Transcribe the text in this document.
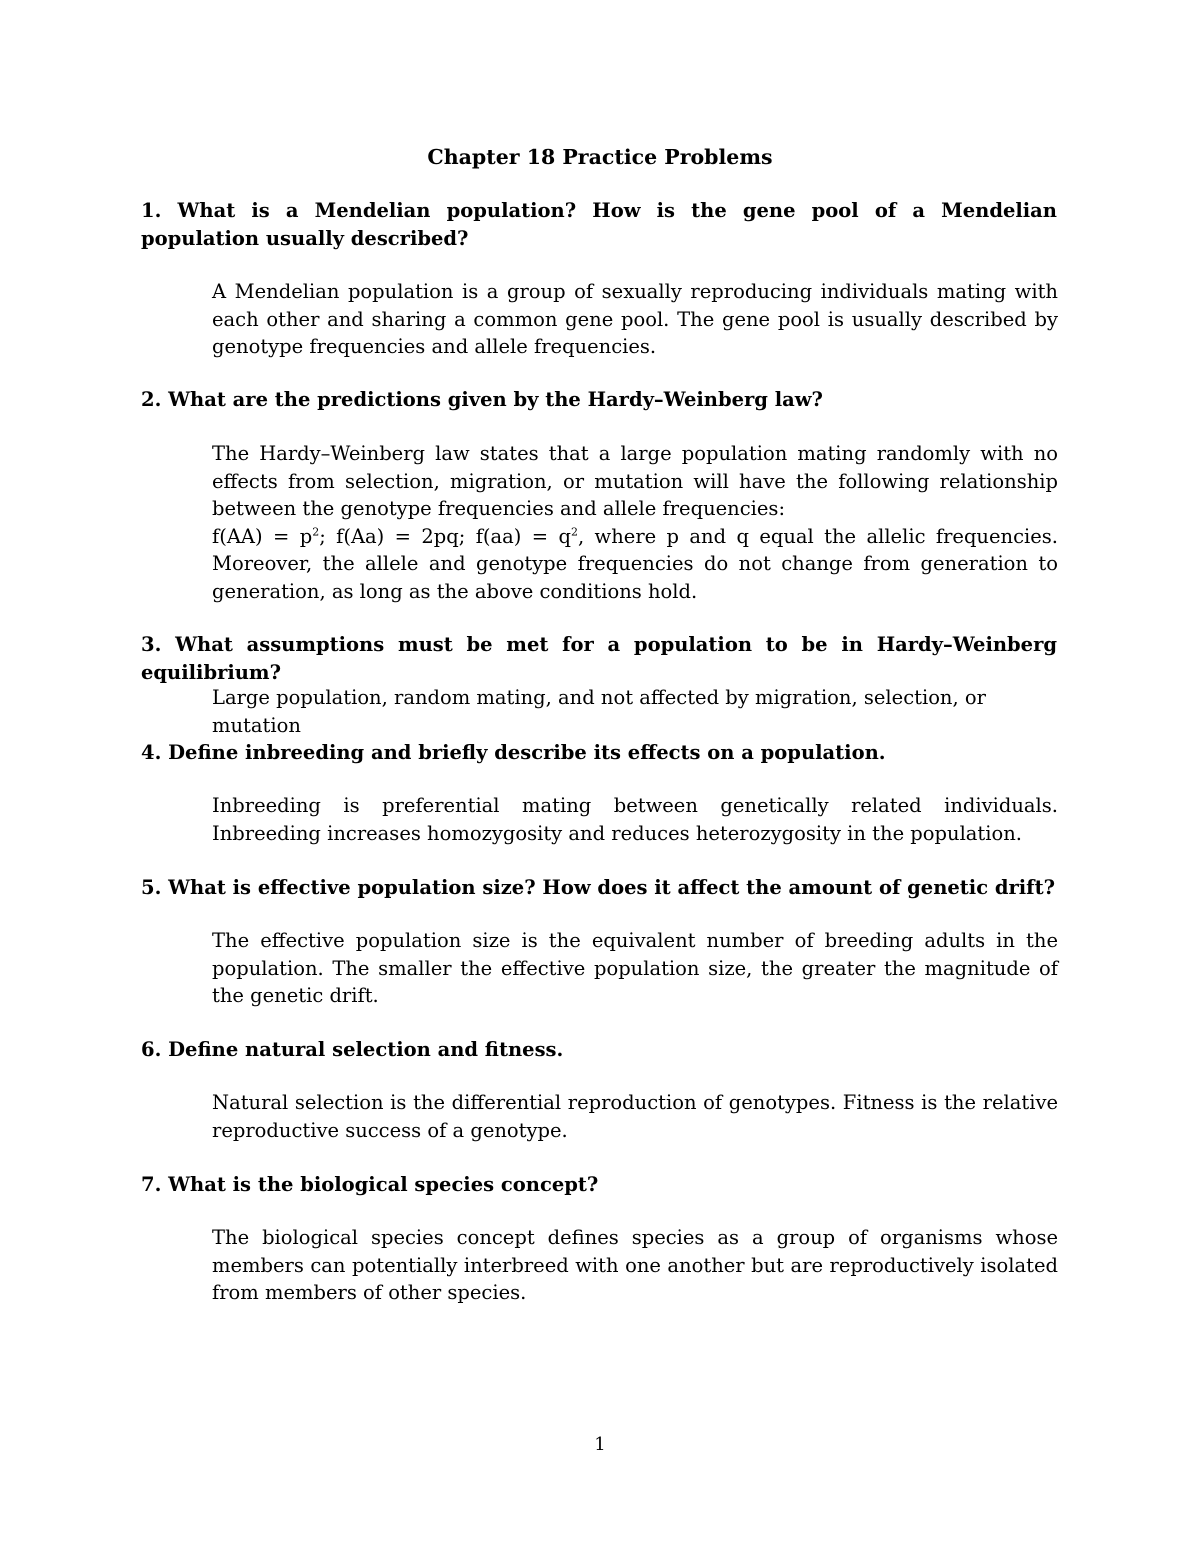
Chapter 18 Practice Problems

1. What is a Mendelian population? How is the gene pool of a Mendelian population usually described?

A Mendelian population is a group of sexually reproducing individuals mating with each other and sharing a common gene pool. The gene pool is usually described by genotype frequencies and allele frequencies.

2. What are the predictions given by the Hardy–Weinberg law?

The Hardy–Weinberg law states that a large population mating randomly with no effects from selection, migration, or mutation will have the following relationship between the genotype frequencies and allele frequencies:
$f(AA) = p^2$; f(Aa) = 2pq; $f(aa) = q^2$, where p and q equal the allelic frequencies. Moreover, the allele and genotype frequencies do not change from generation to generation, as long as the above conditions hold.

3. What assumptions must be met for a population to be in Hardy–Weinberg equilibrium?

Large population, random mating, and not affected by migration, selection, or mutation

4. Define inbreeding and briefly describe its effects on a population.

Inbreeding is preferential mating between genetically related individuals. Inbreeding increases homozygosity and reduces heterozygosity in the population.

5. What is effective population size? How does it affect the amount of genetic drift?

The effective population size is the equivalent number of breeding adults in the population. The smaller the effective population size, the greater the magnitude of the genetic drift.

6. Define natural selection and fitness.

Natural selection is the differential reproduction of genotypes. Fitness is the relative reproductive success of a genotype.

7. What is the biological species concept?

The biological species concept defines species as a group of organisms whose members can potentially interbreed with one another but are reproductively isolated from members of other species.

1
